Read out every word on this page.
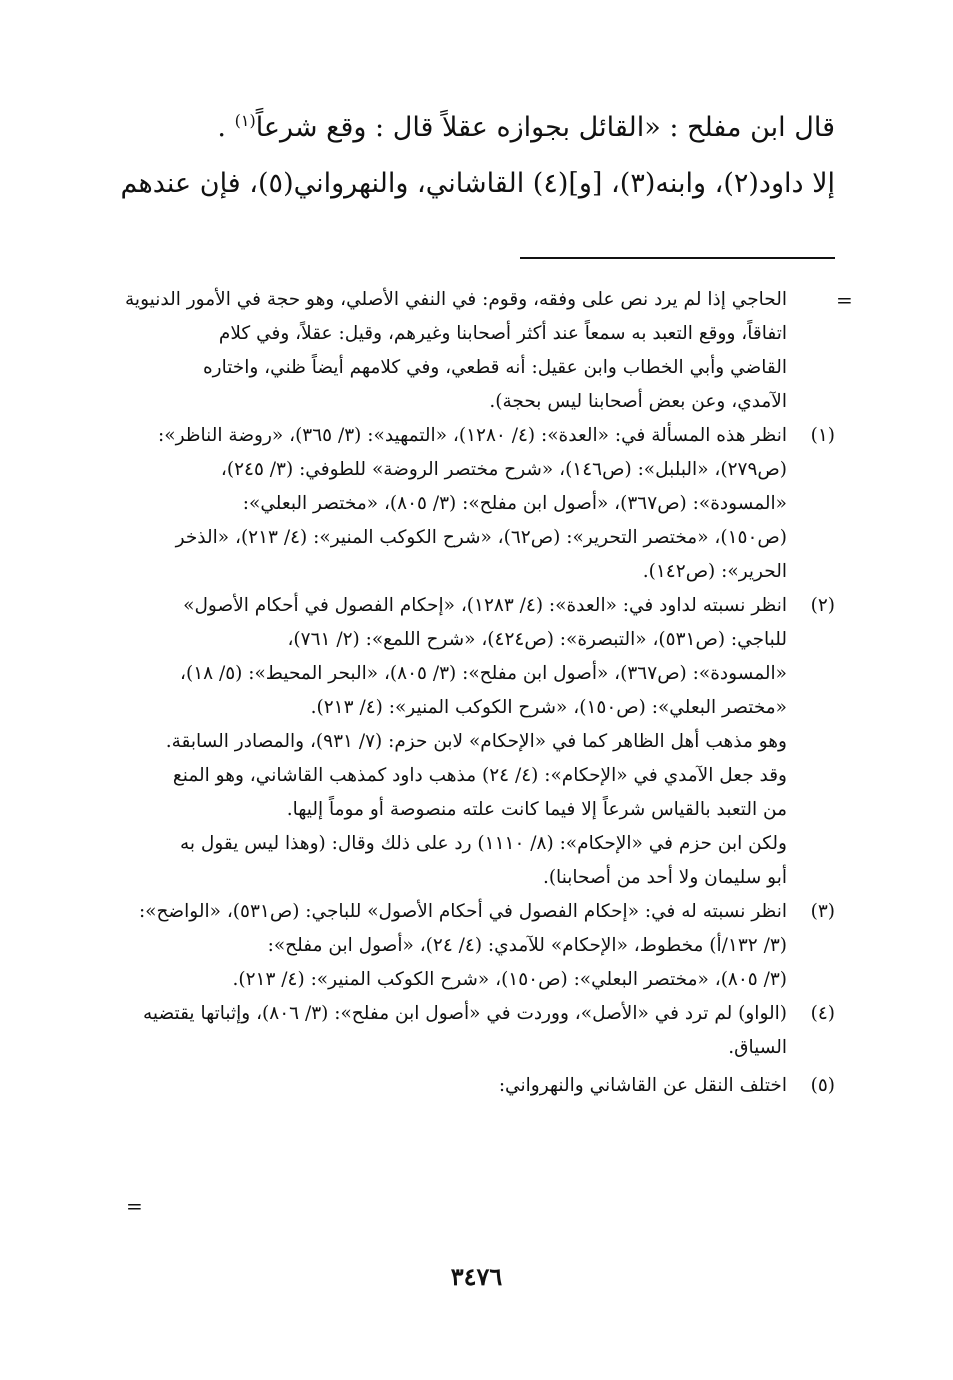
قال ابن مفلح : «القائل بجوازه عقلاً قال : وقع شرعاً$^{(١)}$ .
إلا داود(٢)، وابنه(٣)، [و](٤) القاشاني، والنهرواني(٥)، فإن عندهم
=
الحاجي إذا لم يرد نص على وفقه، وقوم: في النفي الأصلي، وهو حجة في الأمور الدنيوية
اتفاقاً، ووقع التعبد به سمعاً عند أكثر أصحابنا وغيرهم، وقيل: عقلاً، وفي كلام
القاضي وأبي الخطاب وابن عقيل: أنه قطعي، وفي كلامهم أيضاً ظني، واختاره
الآمدي، وعن بعض أصحابنا ليس بحجة).
(١)
انظر هذه المسألة في: «العدة»: (٤/ ١٢٨٠)، «التمهيد»: (٣/ ٣٦٥)، «روضة الناظر»:
(ص٢٧٩)، «البلبل»: (ص١٤٦)، «شرح مختصر الروضة» للطوفي: (٣/ ٢٤٥)،
«المسودة»: (ص٣٦٧)، «أصول ابن مفلح»: (٣/ ٨٠٥)، «مختصر البعلي»:
(ص١٥٠)، «مختصر التحرير»: (ص٦٢)، «شرح الكوكب المنير»: (٤/ ٢١٣)، «الذخر
الحرير»: (ص١٤٢).
(٢)
انظر نسبته لداود في: «العدة»: (٤/ ١٢٨٣)، «إحكام الفصول في أحكام الأصول»
للباجي: (ص٥٣١)، «التبصرة»: (ص٤٢٤)، «شرح اللمع»: (٢/ ٧٦١)،
«المسودة»: (ص٣٦٧)، «أصول ابن مفلح»: (٣/ ٨٠٥)، «البحر المحيط»: (٥/ ١٨)،
«مختصر البعلي»: (ص١٥٠)، «شرح الكوكب المنير»: (٤/ ٢١٣).
وهو مذهب أهل الظاهر كما في «الإحكام» لابن حزم: (٧/ ٩٣١)، والمصادر السابقة.
وقد جعل الآمدي في «الإحكام»: (٤/ ٢٤) مذهب داود كمذهب القاشاني، وهو المنع
من التعبد بالقياس شرعاً إلا فيما كانت علته منصوصة أو موماً إليها.
ولكن ابن حزم في «الإحكام»: (٨/ ١١١٠) رد على ذلك وقال: (وهذا ليس يقول به
أبو سليمان ولا أحد من أصحابنا).
(٣)
انظر نسبته له في: «إحكام الفصول في أحكام الأصول» للباجي: (ص٥٣١)، «الواضح»:
(٣/ ١٣٢/أ) مخطوط، «الإحكام» للآمدي: (٤/ ٢٤)، «أصول ابن مفلح»:
(٣/ ٨٠٥)، «مختصر البعلي»: (ص١٥٠)، «شرح الكوكب المنير»: (٤/ ٢١٣).
(٤)
(الواو) لم ترد في «الأصل»، ووردت في «أصول ابن مفلح»: (٣/ ٨٠٦)، وإثباتها يقتضيه
السياق.
(٥)
اختلف النقل عن القاشاني والنهرواني:
=
٣٤٧٦
